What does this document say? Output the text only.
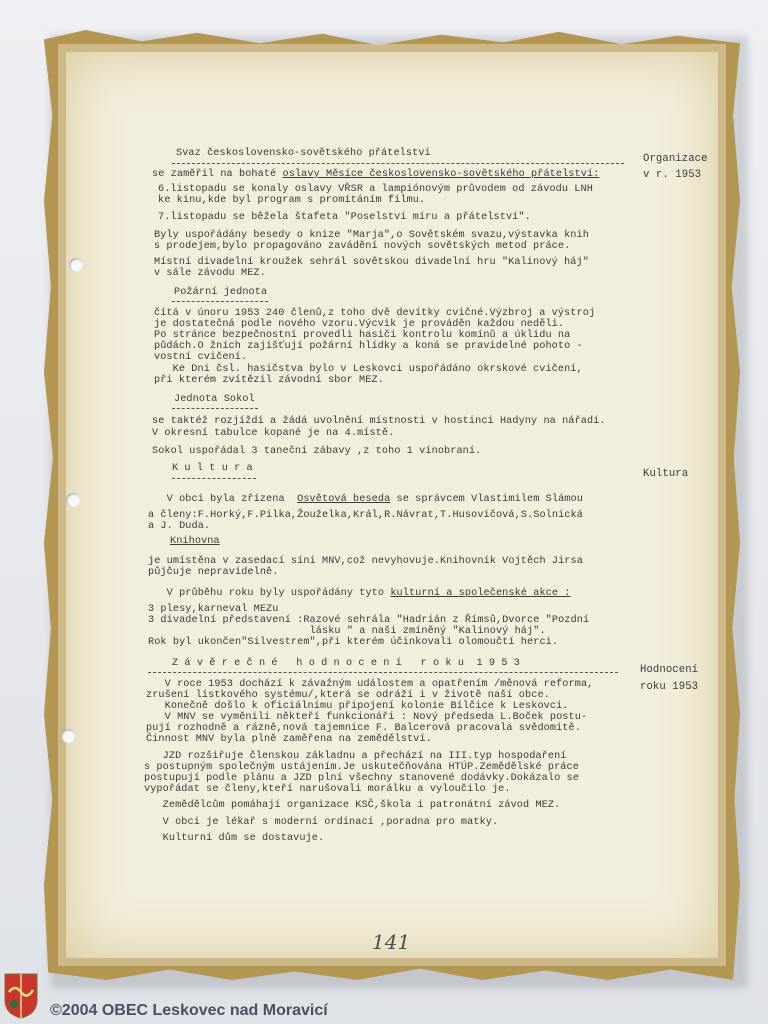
Svaz československo-sovětského přátelství

se zaměřil na bohaté oslavy Měsíce československo-sovětského přátelství:

6.listopadu se konaly oslavy VŘSR a lampiónovým průvodem od závodu LNH

ke kinu,kde byl program s promítáním filmu.

7.listopadu se běžela štafeta "Poselství míru a přátelství".

Byly uspořádány besedy o knize "Marja",o Sovětském svazu,výstavka knih

s prodejem,bylo propagováno zavádění nových sovětských metod práce.

Místní divadelní kroužek sehrál sovětskou divadelní hru "Kalinový háj"

v sále závodu MEZ.

Požární jednota

čítá v únoru 1953 240 členů,z toho dvě devítky cvičné.Výzbroj a výstroj

je dostatečná podle nového vzoru.Výcvik je prováděn každou neděli.

Po stránce bezpečnostní provedli hasiči kontrolu komínů a úklidu na

půdách.O žních zajišťují požární hlídky a koná se pravidelné pohoto -

vostní cvičení.

Ke Dni čsl. hasičstva bylo v Leskovci uspořádáno okrskové cvičení,

při kterém zvítězil závodní sbor MEZ.

Jednota Sokol

se taktéž rozjíždí a žádá uvolnění místnosti v hostinci Hadyny na nářadí.

V okresní tabulce kopané je na 4.místě.

Sokol uspořádal 3 taneční zábavy ,z toho 1 vinobraní.

K u l t u r a

V obci byla zřízena  Osvětová beseda se správcem Vlastimilem Slámou

a členy:F.Horký,F.Pilka,Žouželka,Král,R.Návrat,T.Husovičová,S.Solnická

a J. Duda.

Knihovna

je umístěna v zasedací síni MNV,což nevyhovuje.Knihovník Vojtěch Jirsa

půjčuje nepravidelně.

V průběhu roku byly uspořádány tyto kulturní a společenské akce :

3 plesy,karneval MEZu

3 divadelní představení :Razové sehrála "Hadrián z Římsů,Dvorce "Pozdní

lásku " a naši zmíněný "Kalinový háj".

Rok byl ukončen"Silvestrem",při kterém účinkovali olomoučtí herci.

Z á v ě r e č n é   h o d n o c e n í   r o k u  1 9 5 3

V roce 1953 dochází k závažným událostem a opatřením /měnová reforma,

zrušení lístkového systému/,která se odráží i v životě naší obce.

Konečně došlo k oficiálnímu připojení kolonie Bílčice k Leskovci.

V MNV se vyměnili někteří funkcionáři : Nový předseda L.Boček postu-

pují rozhodně a rázně,nová tajemnice F. Balcerová pracovala svědomitě.

Činnost MNV byla plně zaměřena na zemědělství.

JZD rozšiřuje členskou základnu a přechází na III.typ hospodaření

s postupným společným ustájením.Je uskutečňována HTÚP.Zemědělské práce

postupují podle plánu a JZD plní všechny stanovené dodávky.Dokázalo se

vypořádat se členy,kteří narušovali morálku a vyloučilo je.

Zemědělcům pomáhají organizace KSČ,škola i patronátní závod MEZ.

V obci je lékař s moderní ordinací ,poradna pro matky.

Kulturní dům se dostavuje.

Organizace

v r. 1953

Kultura

Hodnocení

roku 1953

141
©2004 OBEC Leskovec nad Moravicí
